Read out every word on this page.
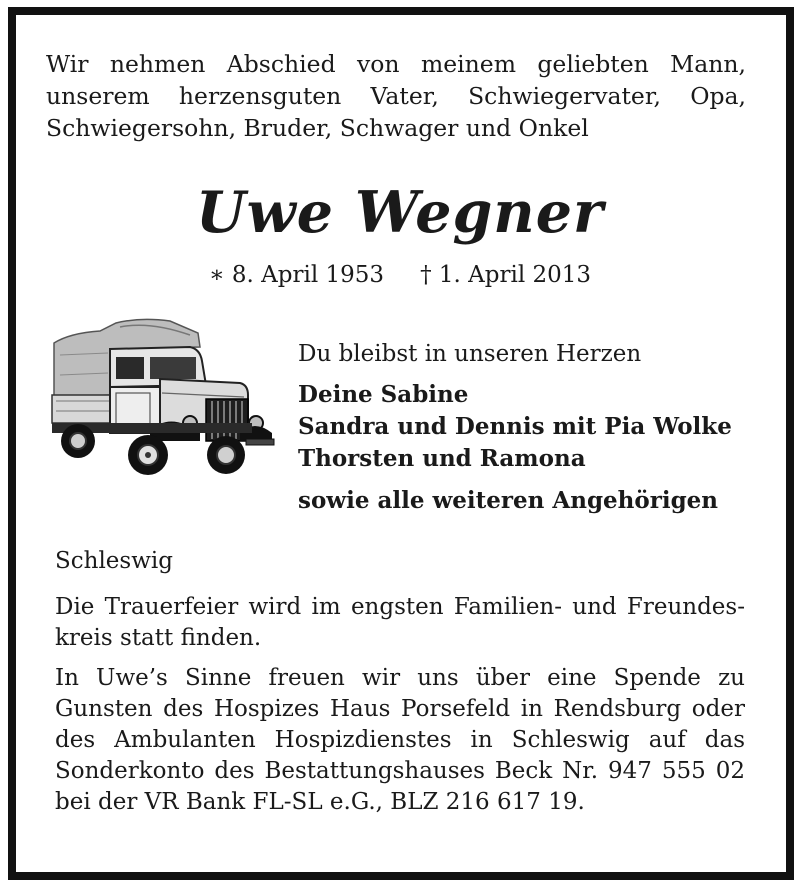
Wir nehmen Abschied von meinem geliebten Mann,
unserem herzensguten Vater, Schwiegervater, Opa,
Schwiegersohn, Bruder, Schwager und Onkel
Uwe Wegner
∗ 8. April 1953 † 1. April 2013
Du bleibst in unseren Herzen
Deine Sabine
Sandra und Dennis mit Pia Wolke
Thorsten und Ramona
sowie alle weiteren Angehörigen
Schleswig
Die Trauerfeier wird im engsten Familien- und Freundes-
kreis statt finden.
In Uwe’s Sinne freuen wir uns über eine Spende zu
Gunsten des Hospizes Haus Porsefeld in Rendsburg oder
des Ambulanten Hospizdienstes in Schleswig auf das
Sonderkonto des Bestattungshauses Beck Nr. 947 555 02
bei der VR Bank FL-SL e.G., BLZ 216 617 19.
